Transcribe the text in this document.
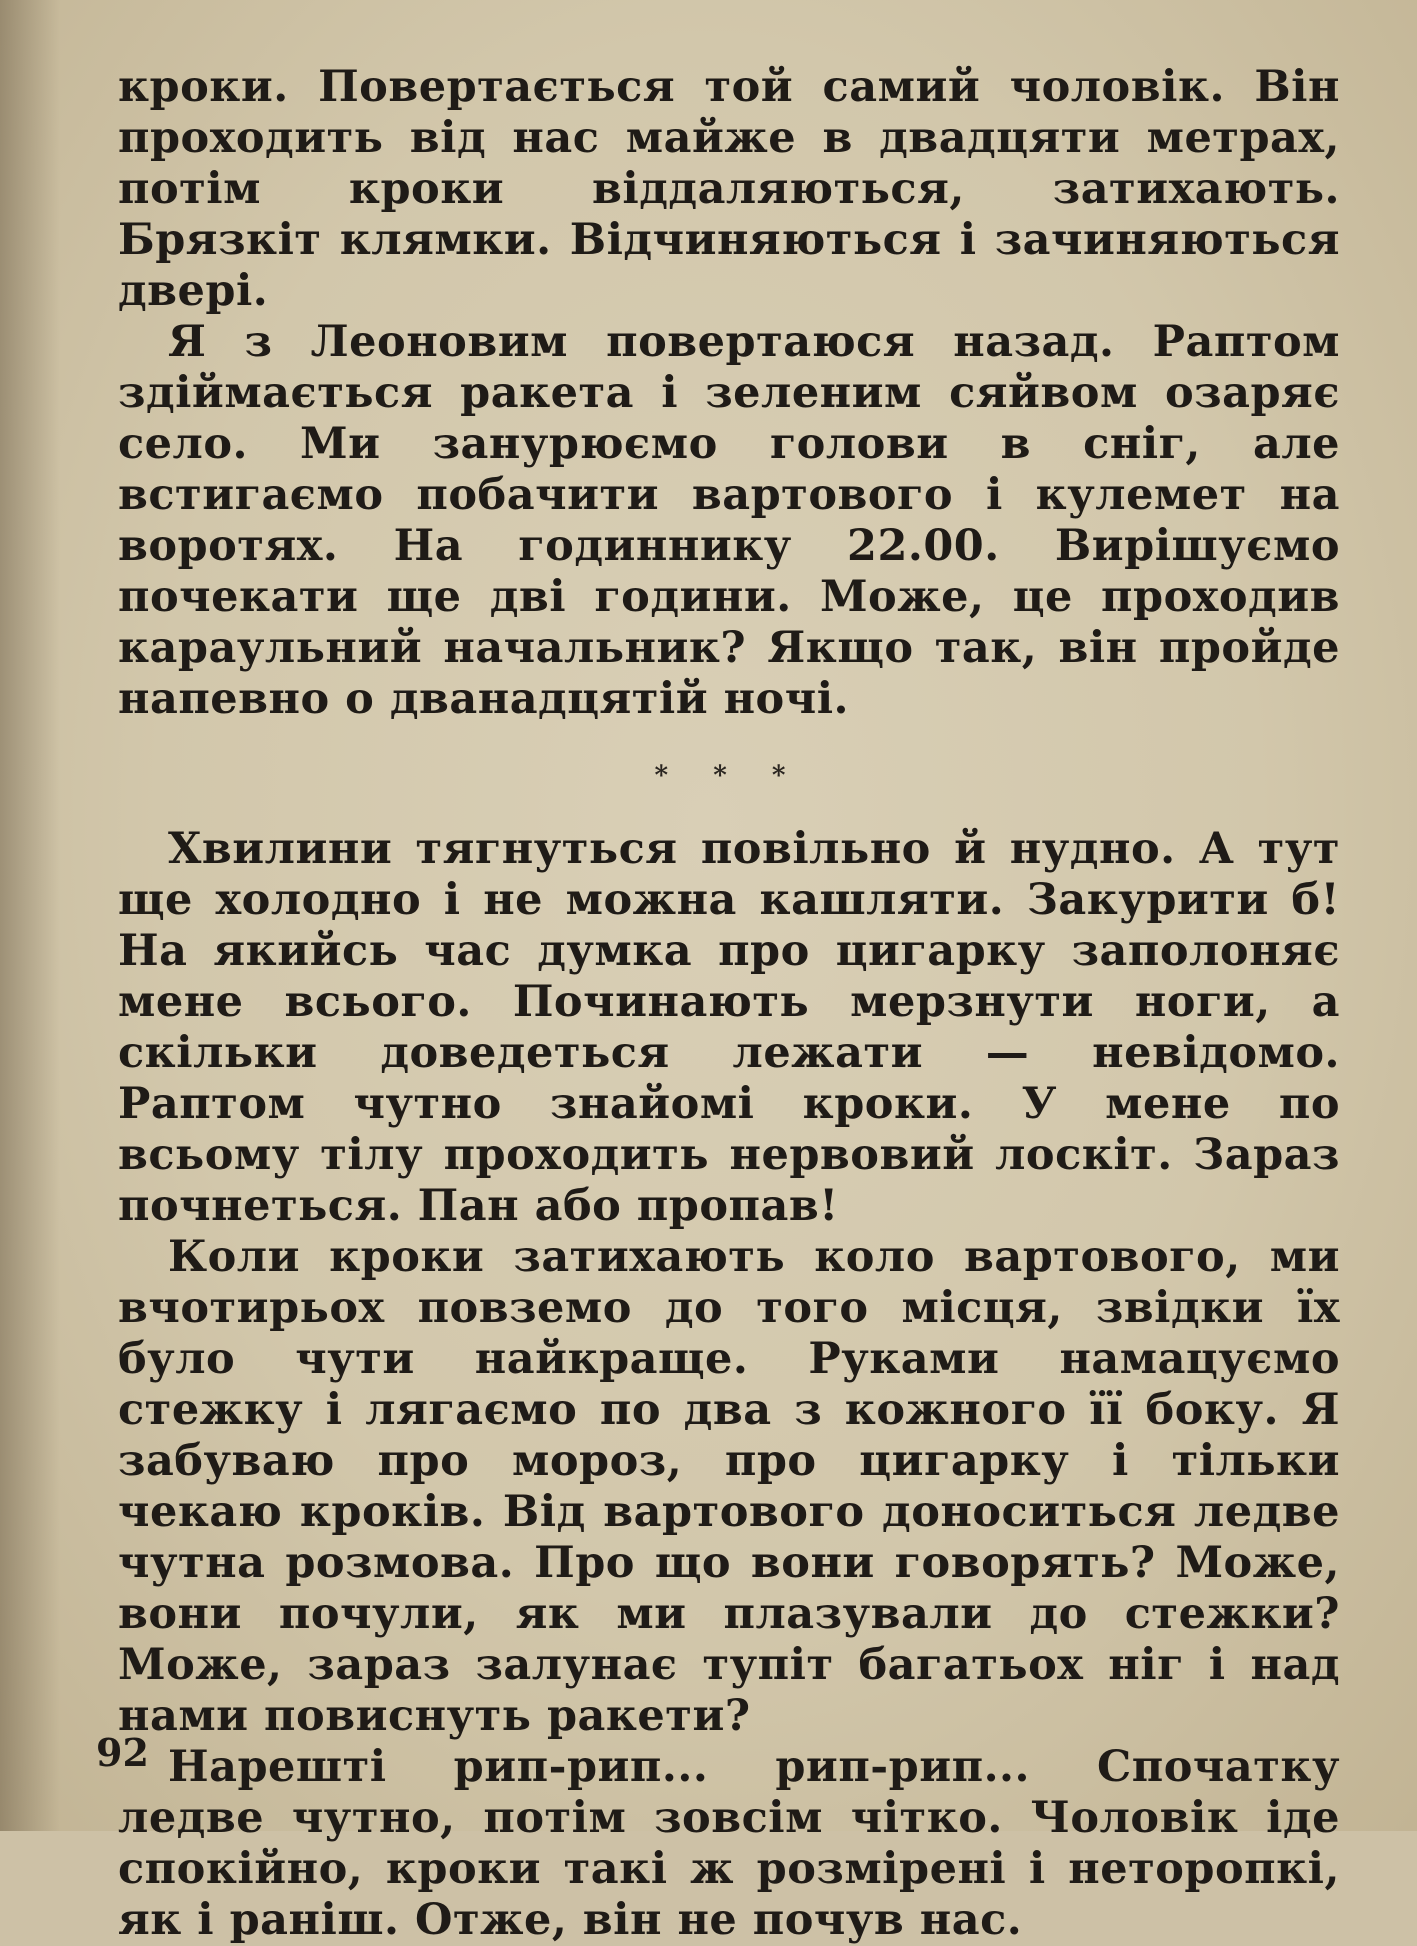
кроки. Повертається той самий чоловік. Він проходить від нас майже в двадцяти метрах, потім кроки віддаляються, затихають. Брязкіт клямки. Відчиняються і зачиняються двері.

Я з Леоновим повертаюся назад. Раптом здіймається ракета і зеленим сяйвом озаряє село. Ми занурюємо голови в сніг, але встигаємо побачити вартового і кулемет на воротях. На годиннику 22.00. Вирішуємо почекати ще дві години. Може, це проходив караульний начальник? Якщо так, він пройде напевно о дванадцятій ночі.

* * *

Хвилини тягнуться повільно й нудно. А тут ще холодно і не можна кашляти. Закурити б! На якийсь час думка про цигарку заполоняє мене всього. Починають мерзнути ноги, а скільки доведеться лежати — невідомо. Раптом чутно знайомі кроки. У мене по всьому тілу проходить нервовий лоскіт. Зараз почнеться. Пан або пропав!

Коли кроки затихають коло вартового, ми вчотирьох повземо до того місця, звідки їх було чути найкраще. Руками намацуємо стежку і лягаємо по два з кожного її боку. Я забуваю про мороз, про цигарку і тільки чекаю кроків. Від вартового доноситься ледве чутна розмова. Про що вони говорять? Може, вони почули, як ми плазували до стежки? Може, зараз залунає тупіт багатьох ніг і над нами повиснуть ракети?

Нарешті рип-рип... рип-рип... Спочатку ледве чутно, потім зовсім чітко. Чоловік іде спокійно, кроки такі ж розмірені і неторопкі, як і раніш. Отже, він не почув нас.

92
